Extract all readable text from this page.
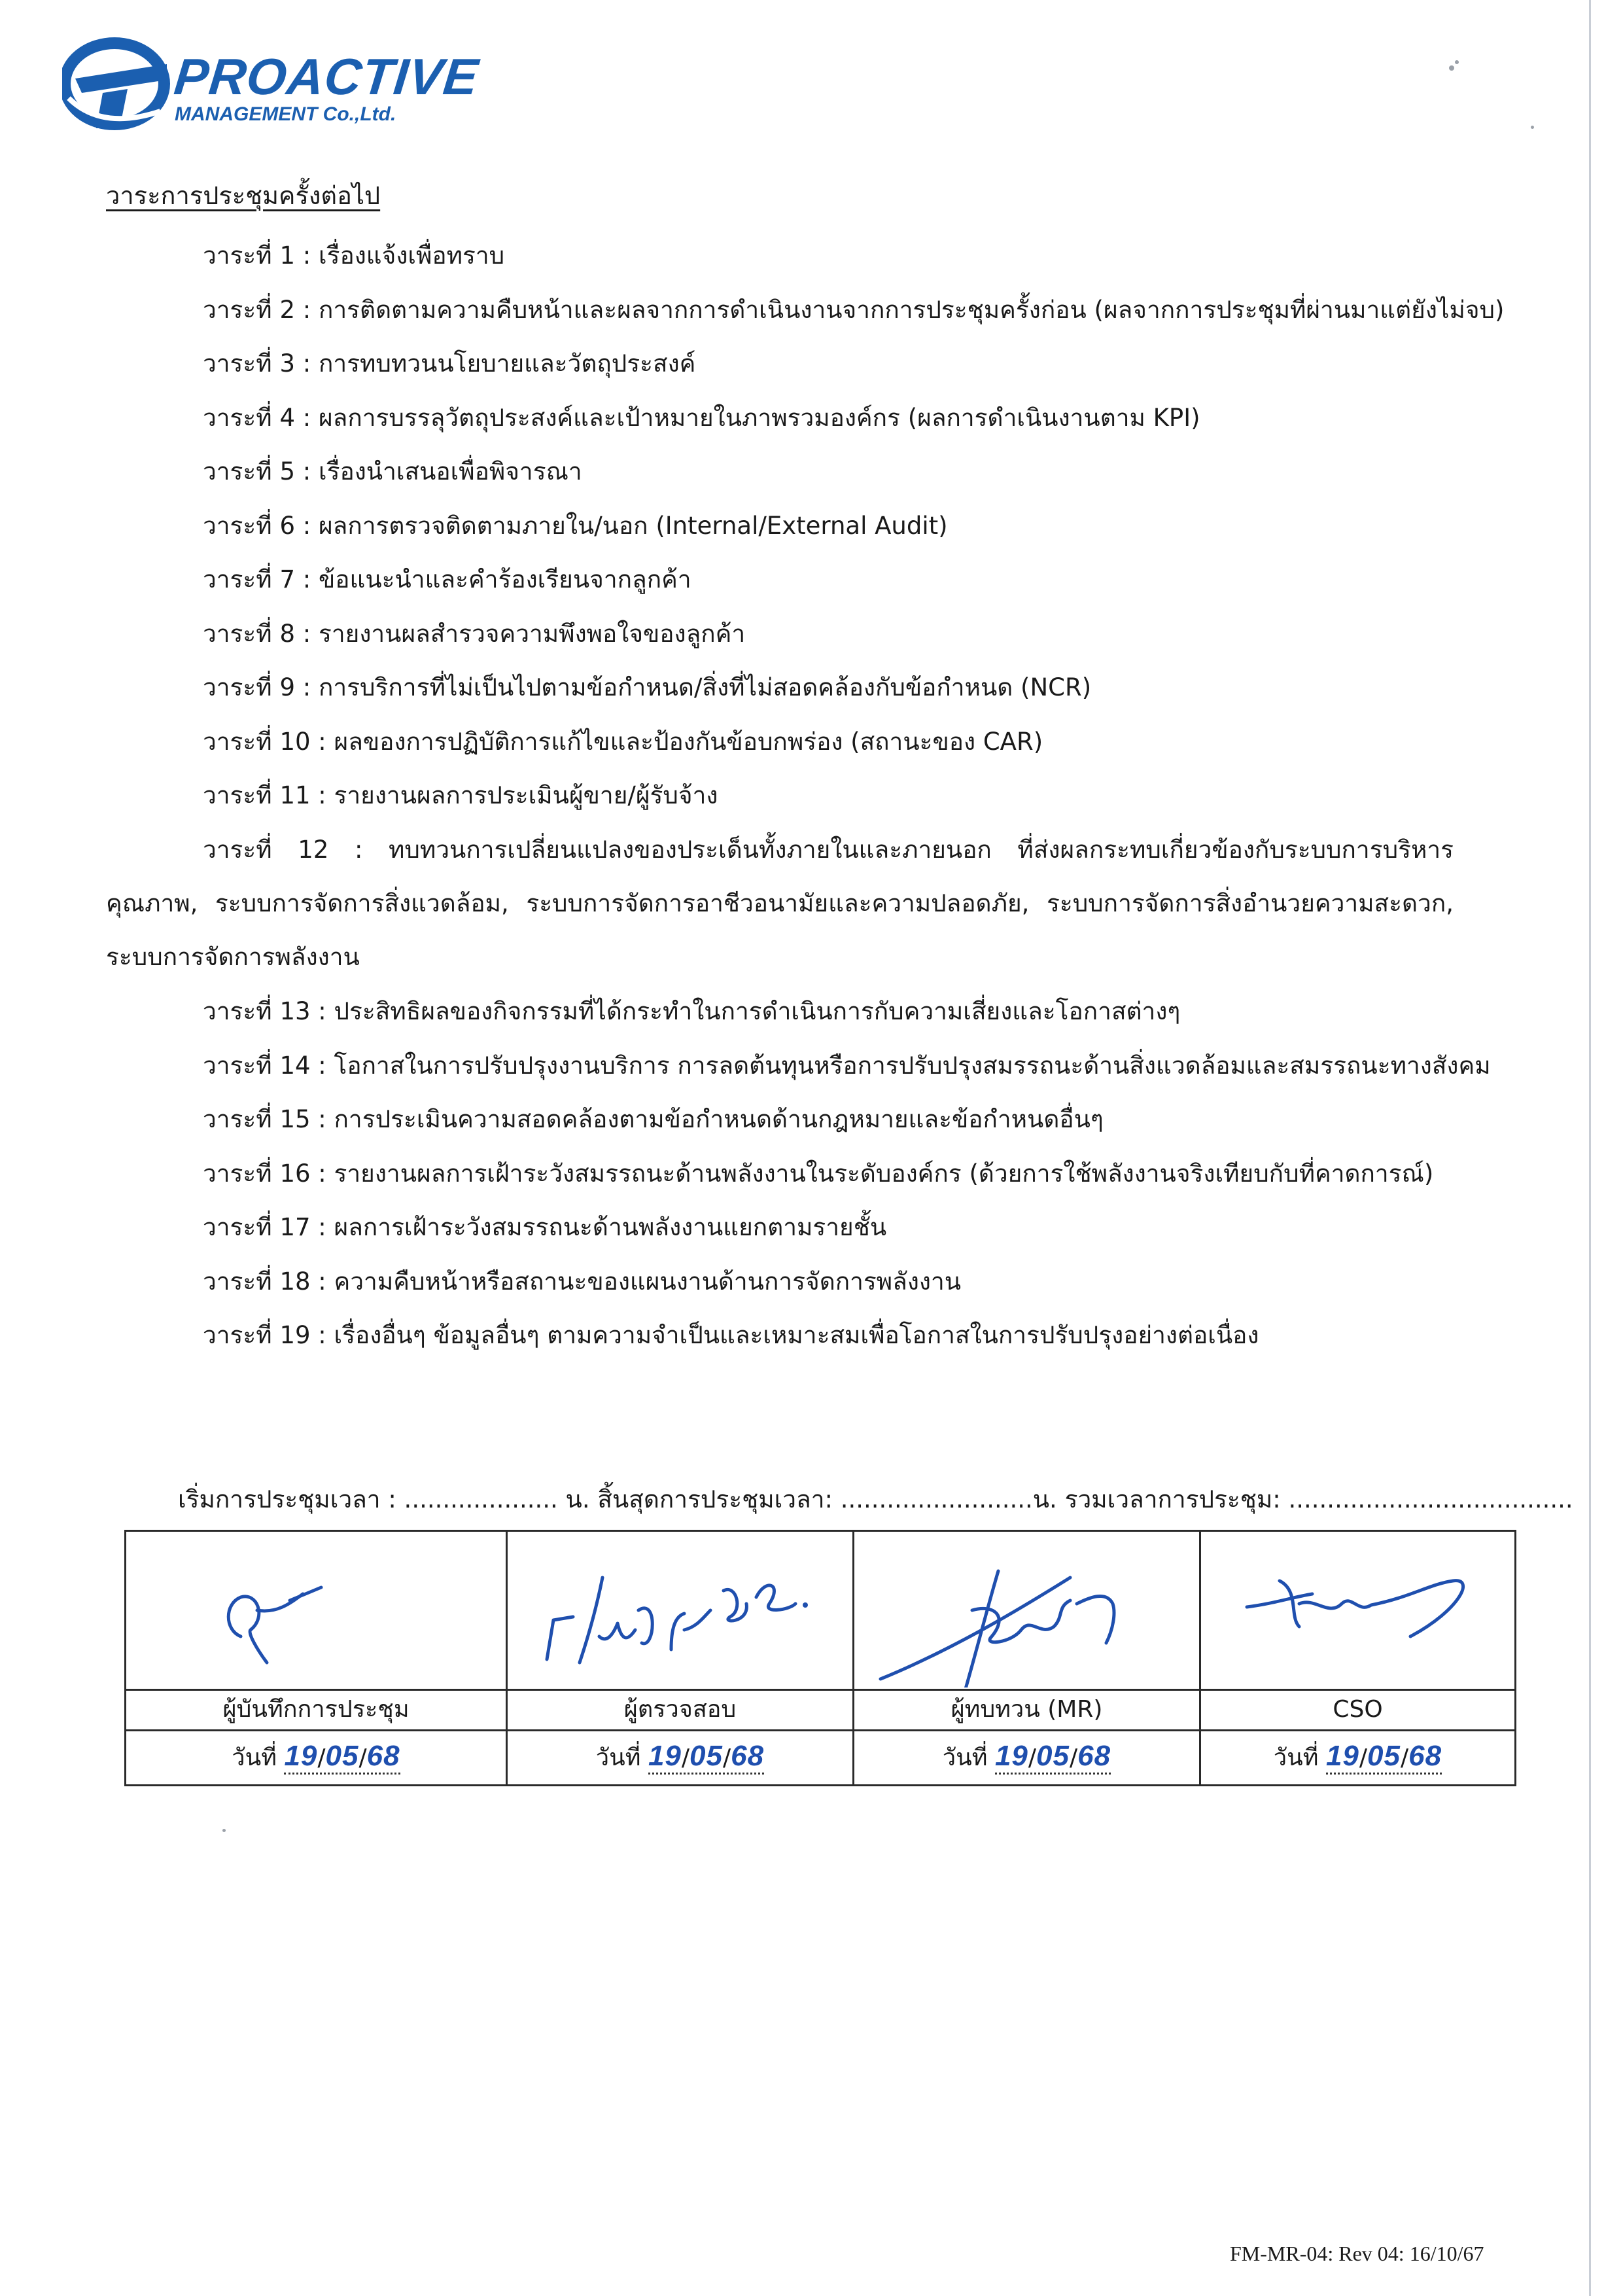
PROACTIVE
MANAGEMENT Co.,Ltd.
วาระการประชุมครั้งต่อไป
วาระที่ 1 : เรื่องแจ้งเพื่อทราบ
วาระที่ 2 : การติดตามความคืบหน้าและผลจากการดำเนินงานจากการประชุมครั้งก่อน (ผลจากการประชุมที่ผ่านมาแต่ยังไม่จบ)
วาระที่ 3 : การทบทวนนโยบายและวัตถุประสงค์
วาระที่ 4 : ผลการบรรลุวัตถุประสงค์และเป้าหมายในภาพรวมองค์กร (ผลการดำเนินงานตาม KPI)
วาระที่ 5 : เรื่องนำเสนอเพื่อพิจารณา
วาระที่ 6 : ผลการตรวจติดตามภายใน/นอก (Internal/External Audit)
วาระที่ 7 : ข้อแนะนำและคำร้องเรียนจากลูกค้า
วาระที่ 8 : รายงานผลสำรวจความพึงพอใจของลูกค้า
วาระที่ 9 : การบริการที่ไม่เป็นไปตามข้อกำหนด/สิ่งที่ไม่สอดคล้องกับข้อกำหนด (NCR)
วาระที่ 10 : ผลของการปฏิบัติการแก้ไขและป้องกันข้อบกพร่อง (สถานะของ CAR)
วาระที่ 11 : รายงานผลการประเมินผู้ขาย/ผู้รับจ้าง
วาระที่ 12 : ทบทวนการเปลี่ยนแปลงของประเด็นทั้งภายในและภายนอก ที่ส่งผลกระทบเกี่ยวข้องกับระบบการบริหารคุณภาพ, ระบบการจัดการสิ่งแวดล้อม, ระบบการจัดการอาชีวอนามัยและความปลอดภัย, ระบบการจัดการสิ่งอำนวยความสะดวก, ระบบการจัดการพลังงาน
วาระที่ 13 : ประสิทธิผลของกิจกรรมที่ได้กระทำในการดำเนินการกับความเสี่ยงและโอกาสต่างๆ
วาระที่ 14 : โอกาสในการปรับปรุงงานบริการ การลดต้นทุนหรือการปรับปรุงสมรรถนะด้านสิ่งแวดล้อมและสมรรถนะทางสังคม
วาระที่ 15 : การประเมินความสอดคล้องตามข้อกำหนดด้านกฎหมายและข้อกำหนดอื่นๆ
วาระที่ 16 : รายงานผลการเฝ้าระวังสมรรถนะด้านพลังงานในระดับองค์กร (ด้วยการใช้พลังงานจริงเทียบกับที่คาดการณ์)
วาระที่ 17 : ผลการเฝ้าระวังสมรรถนะด้านพลังงานแยกตามรายชั้น
วาระที่ 18 : ความคืบหน้าหรือสถานะของแผนงานด้านการจัดการพลังงาน
วาระที่ 19 : เรื่องอื่นๆ ข้อมูลอื่นๆ ตามความจำเป็นและเหมาะสมเพื่อโอกาสในการปรับปรุงอย่างต่อเนื่อง
เริ่มการประชุมเวลา : .................... น. สิ้นสุดการประชุมเวลา: .........................น. รวมเวลาการประชุม: .....................................
ผู้บันทึกการประชุม
วันที่ 19/05/68
ผู้ตรวจสอบ
วันที่ 19/05/68
ผู้ทบทวน (MR)
วันที่ 19/05/68
CSO
วันที่ 19/05/68
FM-MR-04: Rev 04: 16/10/67
